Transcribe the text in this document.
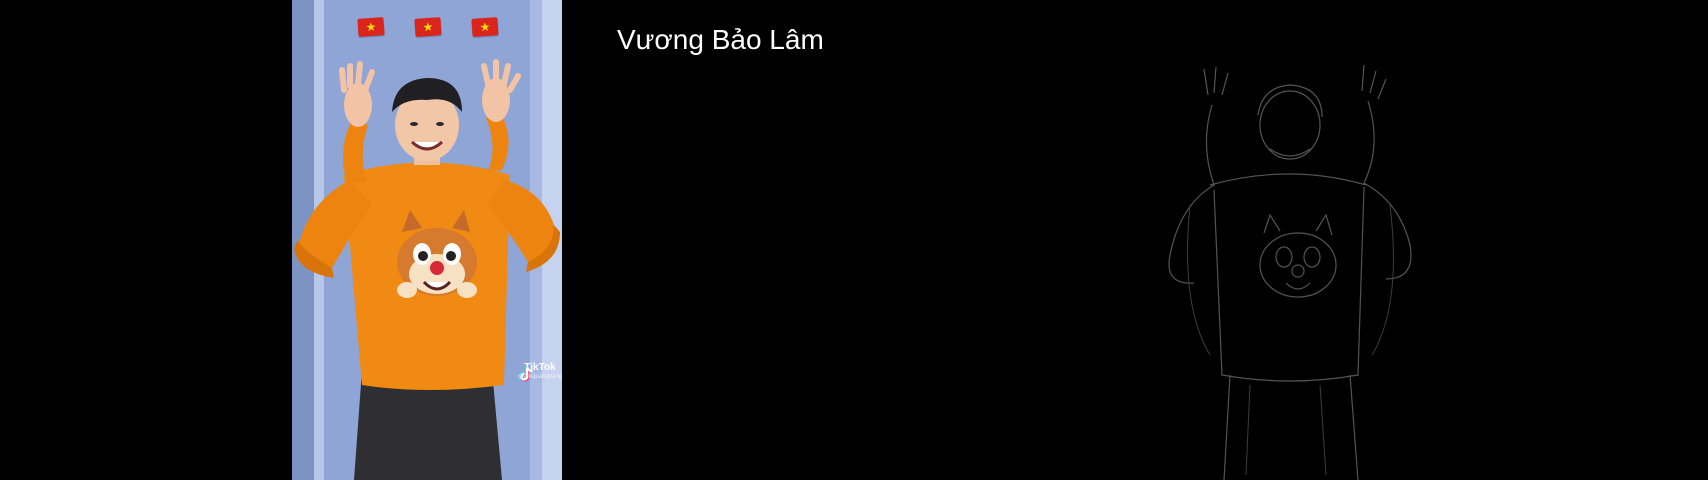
★	★	★
TikTok
@ninquangdang
Vương Bảo Lâm
